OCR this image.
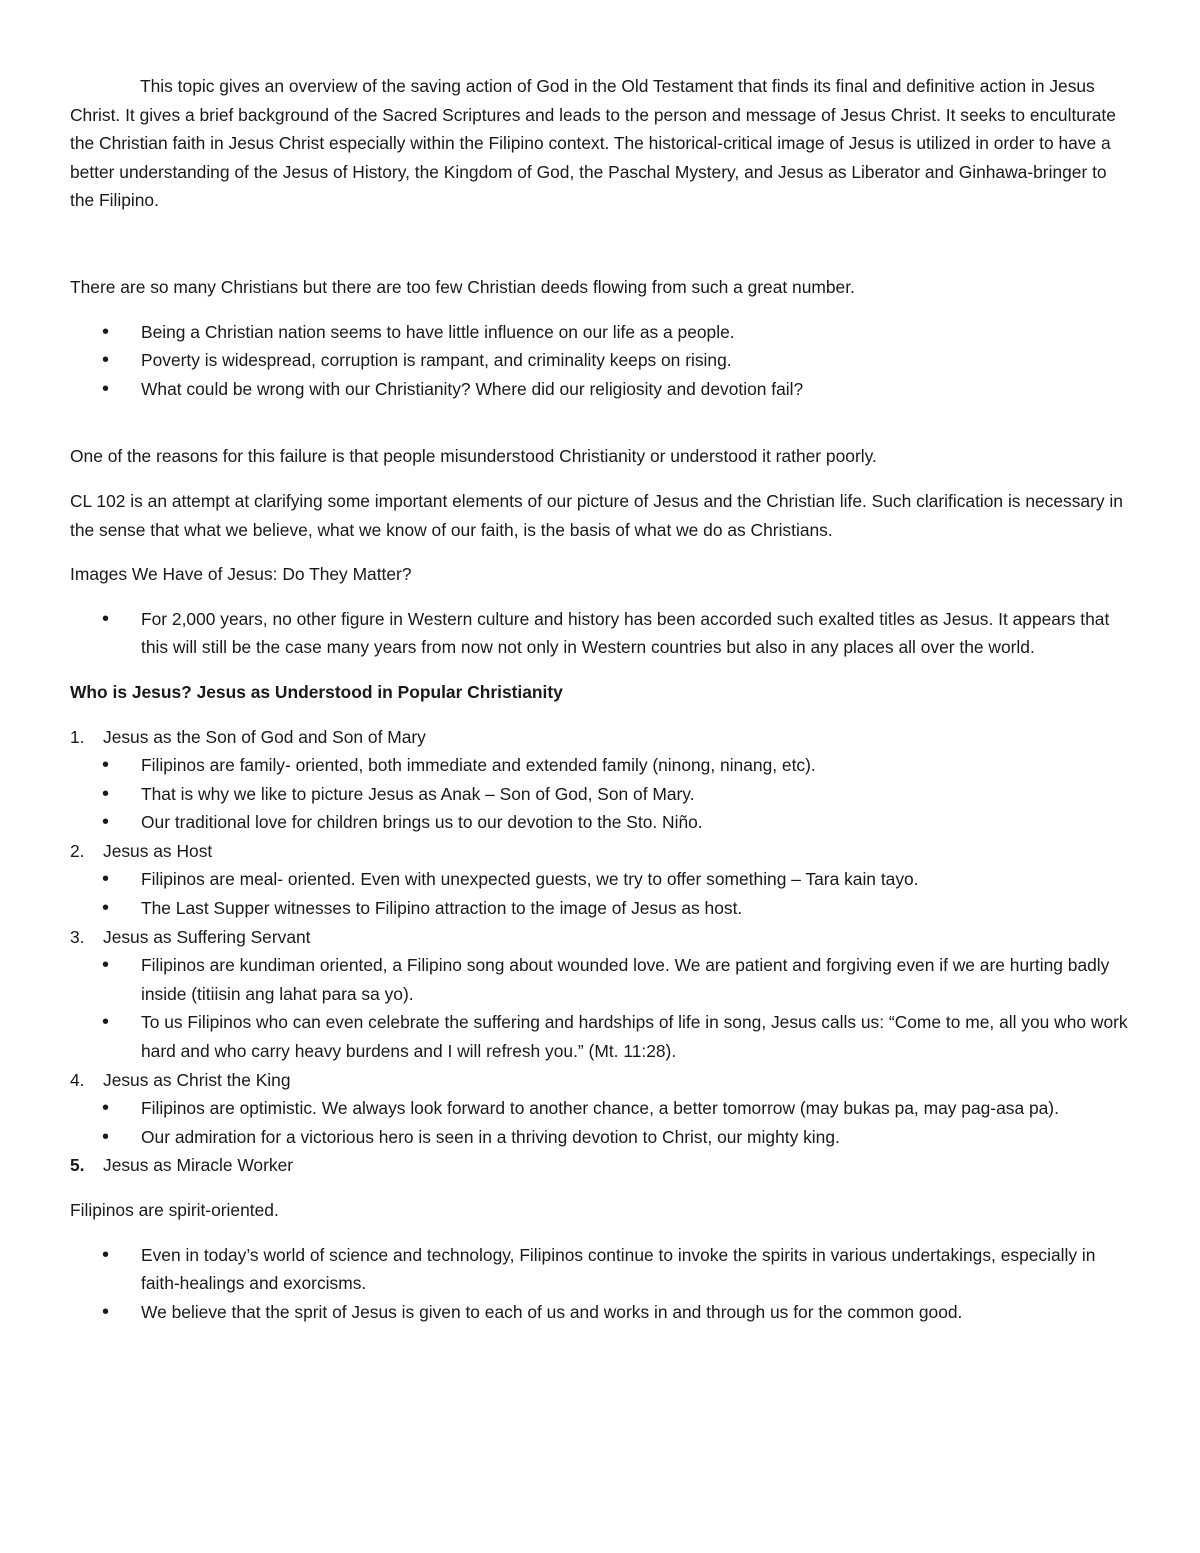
This topic gives an overview of the saving action of God in the Old Testament that finds its final and definitive action in Jesus Christ. It gives a brief background of the Sacred Scriptures and leads to the person and message of Jesus Christ. It seeks to enculturate the Christian faith in Jesus Christ especially within the Filipino context. The historical-critical image of Jesus is utilized in order to have a better understanding of the Jesus of History, the Kingdom of God, the Paschal Mystery, and Jesus as Liberator and Ginhawa-bringer to the Filipino.

There are so many Christians but there are too few Christian deeds flowing from such a great number.

• Being a Christian nation seems to have little influence on our life as a people.
• Poverty is widespread, corruption is rampant, and criminality keeps on rising.
• What could be wrong with our Christianity? Where did our religiosity and devotion fail?

One of the reasons for this failure is that people misunderstood Christianity or understood it rather poorly.

CL 102 is an attempt at clarifying some important elements of our picture of Jesus and the Christian life. Such clarification is necessary in the sense that what we believe, what we know of our faith, is the basis of what we do as Christians.

Images We Have of Jesus: Do They Matter?

• For 2,000 years, no other figure in Western culture and history has been accorded such exalted titles as Jesus. It appears that this will still be the case many years from now not only in Western countries but also in any places all over the world.

Who is Jesus? Jesus as Understood in Popular Christianity

1.	Jesus as the Son of God and Son of Mary
• Filipinos are family- oriented, both immediate and extended family (ninong, ninang, etc).
• That is why we like to picture Jesus as Anak – Son of God, Son of Mary.
• Our traditional love for children brings us to our devotion to the Sto. Niño.
2.	Jesus as Host
• Filipinos are meal- oriented. Even with unexpected guests, we try to offer something – Tara kain tayo.
• The Last Supper witnesses to Filipino attraction to the image of Jesus as host.
3.	Jesus as Suffering Servant
• Filipinos are kundiman oriented, a Filipino song about wounded love. We are patient and forgiving even if we are hurting badly inside (titiisin ang lahat para sa yo).
• To us Filipinos who can even celebrate the suffering and hardships of life in song, Jesus calls us: “Come to me, all you who work hard and who carry heavy burdens and I will refresh you.” (Mt. 11:28).
4.	Jesus as Christ the King
• Filipinos are optimistic. We always look forward to another chance, a better tomorrow (may bukas pa, may pag-asa pa).
• Our admiration for a victorious hero is seen in a thriving devotion to Christ, our mighty king.
5.	Jesus as Miracle Worker

Filipinos are spirit-oriented.

• Even in today’s world of science and technology, Filipinos continue to invoke the spirits in various undertakings, especially in faith-healings and exorcisms.
• We believe that the sprit of Jesus is given to each of us and works in and through us for the common good.
